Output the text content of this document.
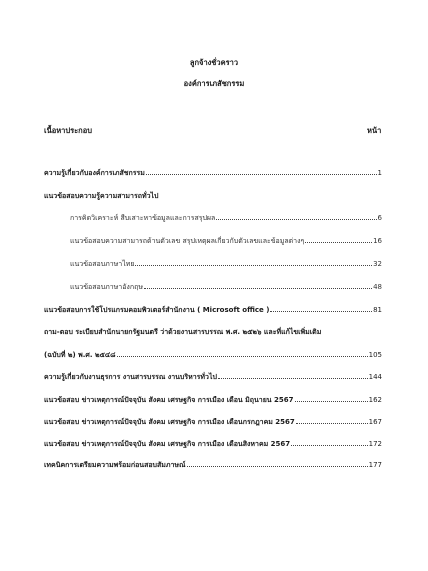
ลูกจ้างชั่วคราว
องค์การเภสัชกรรม
เนื้อหาประกอบ	หน้า
ความรู้เกี่ยวกับองค์การเภสัชกรรม	1
แนวข้อสอบความรู้ความสามารถทั่วไป
การคิดวิเคราะห์ สืบเสาะหาข้อมูลและการสรุปผล	6
แนวข้อสอบความสามารถด้านตัวเลข สรุปเหตุผลเกี่ยวกับตัวเลขและข้อมูลต่างๆ	16
แนวข้อสอบภาษาไทย	32
แนวข้อสอบภาษาอังกฤษ	48
แนวข้อสอบการใช้โปรแกรมคอมพิวเตอร์สำนักงาน ( Microsoft office )	81
ถาม-ตอบ ระเบียบสำนักนายกรัฐมนตรี ว่าด้วยงานสารบรรณ พ.ศ. ๒๕๒๖ และที่แก้ไขเพิ่มเติม
(ฉบับที่ ๒) พ.ศ. ๒๕๔๘	105
ความรู้เกี่ยวกับงานธุรการ งานสารบรรณ งานบริหารทั่วไป	144
แนวข้อสอบ ข่าวเหตุการณ์ปัจจุบัน สังคม เศรษฐกิจ การเมือง เดือน มิถุนายน 2567	162
แนวข้อสอบ ข่าวเหตุการณ์ปัจจุบัน สังคม เศรษฐกิจ การเมือง เดือนกรกฎาคม 2567	167
แนวข้อสอบ ข่าวเหตุการณ์ปัจจุบัน สังคม เศรษฐกิจ การเมือง เดือนสิงหาคม 2567	172
เทคนิคการเตรียมความพร้อมก่อนสอบสัมภาษณ์	177
